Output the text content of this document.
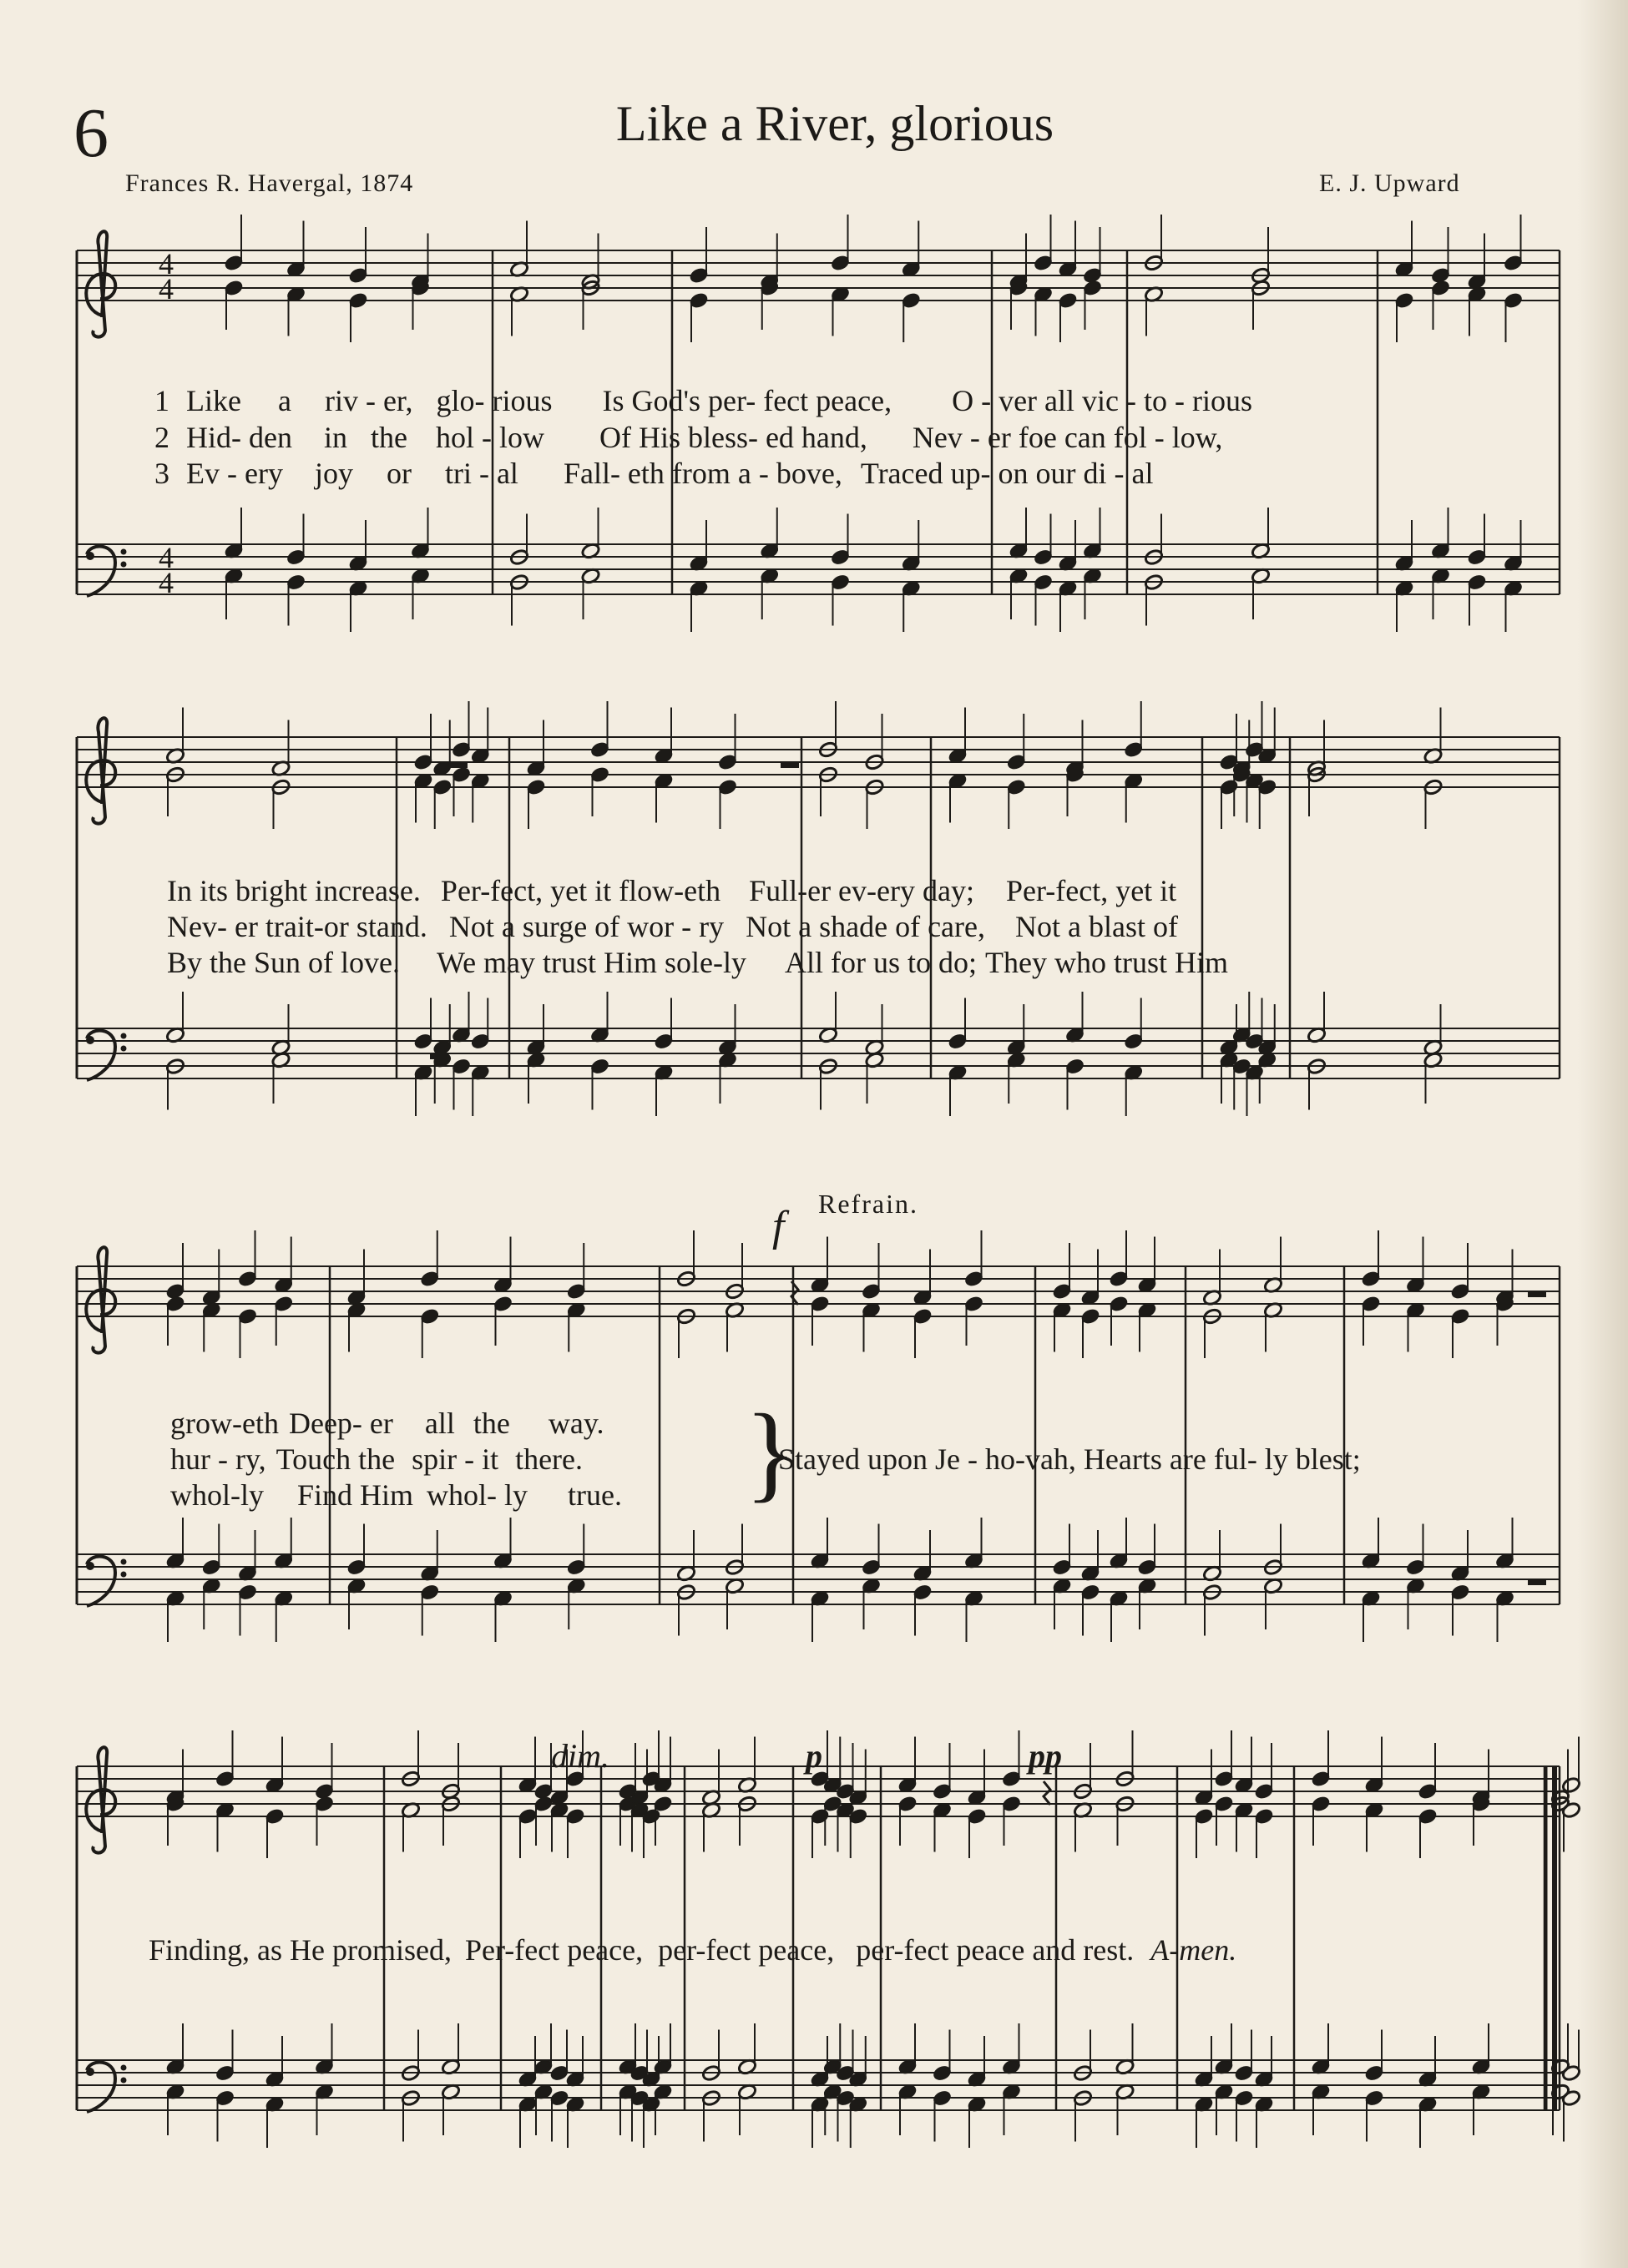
6	Like a River, glorious
Frances R. Havergal, 1874	E. J. Upward
4
4
4
4
1 Like a riv - er, glo- rious Is God's per- fect peace, O - ver all vic - to - rious
2 Hid- den in the hol - low Of His bless- ed hand, Nev - er foe can fol - low,
3 Ev - ery joy or tri - al Fall- eth from a - bove, Traced up- on our di - al
In its bright increase. Per-fect, yet it flow-eth Full-er ev-ery day; Per-fect, yet it
Nev- er trait-or stand. Not a surge of wor - ry Not a shade of care, Not a blast of
By the Sun of love. We may trust Him sole-ly All for us to do; They who trust Him
grow-eth Deep- er all the way.
hur - ry, Touch the spir - it there.
whol-ly Find Him whol- ly true. }
Stayed upon Je - ho-vah, Hearts are ful- ly blest;
Finding, as He promised, Per-fect peace, per-fect peace, per-fect peace and rest. A-men.
f Refrain.
dim.	p	pp
